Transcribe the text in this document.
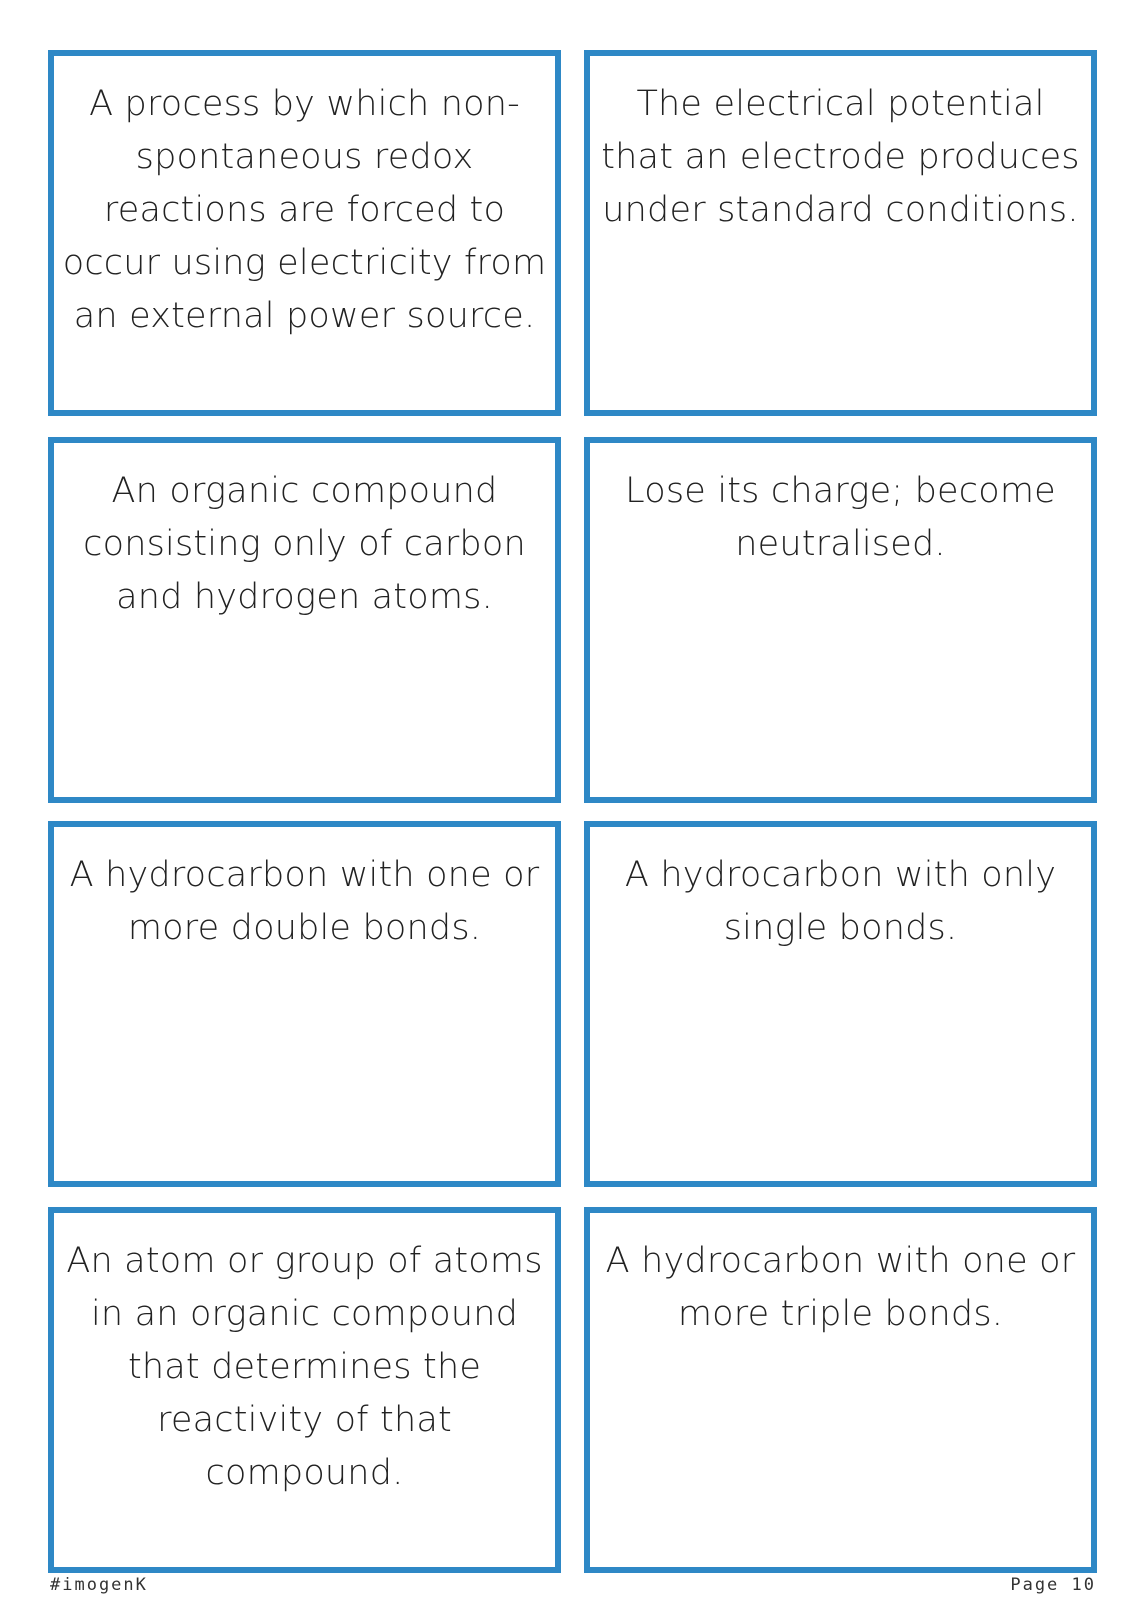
A process by which non-spontaneous redox reactions are forced to occur using electricity from an external power source.
The electrical potential that an electrode produces under standard conditions.
An organic compound consisting only of carbon and hydrogen atoms.
Lose its charge; become neutralised.
A hydrocarbon with one or more double bonds.
A hydrocarbon with only single bonds.
An atom or group of atoms in an organic compound that determines the reactivity of that compound.
A hydrocarbon with one or more triple bonds.
#imogenK	Page 10
